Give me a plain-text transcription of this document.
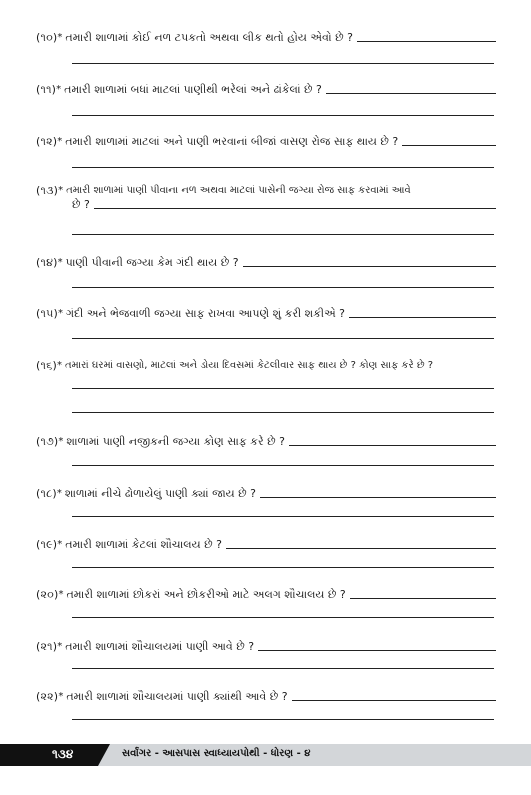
(૧૦) * તમારી શાળામાં કોઈ નળ ટપકતો અથવા લીક થતો હોય એવો છે ?
(૧૧) * તમારી શાળામાં બધાં માટલાં પાણીથી ભરેલાં અને ઢાંકેલાં છે ?
(૧૨) * તમારી શાળામાં માટલાં અને પાણી ભરવાનાં બીજાં વાસણ રોજ સાફ થાય છે ?
(૧૩) * તમારી શાળામાં પાણી પીવાના નળ અથવા માટલાં પાસેની જગ્યા રોજ સાફ કરવામાં આવે
છે ?
(૧૪) * પાણી પીવાની જગ્યા કેમ ગંદી થાય છે ?
(૧૫) * ગંદી અને ભેજવાળી જગ્યા સાફ રાખવા આપણે શું કરી શકીએ ?
(૧૬) * તમારાં ઘરમાં વાસણો, માટલાં અને ડોયા દિવસમાં કેટલીવાર સાફ થાય છે ? કોણ સાફ કરે છે ?
(૧૭) * શાળામાં પાણી નજીકની જગ્યા કોણ સાફ કરે છે ?
(૧૮) * શાળામાં નીચે ઢોળાયેલું પાણી ક્યાં જાય છે ?
(૧૯) * તમારી શાળામાં કેટલાં શૌચાલય છે ?
(૨૦) * તમારી શાળામાં છોકરાં અને છોકરીઓ માટે અલગ શૌચાલય છે ?
(૨૧) * તમારી શાળામાં શૌચાલયમાં પાણી આવે છે ?
(૨૨) * તમારી શાળામાં શૌચાલયમાં પાણી ક્યાંથી આવે છે ?
૧૩૪	સર્વાંગર - આસપાસ સ્વાધ્યાયપોથી - ધોરણ - ૪
